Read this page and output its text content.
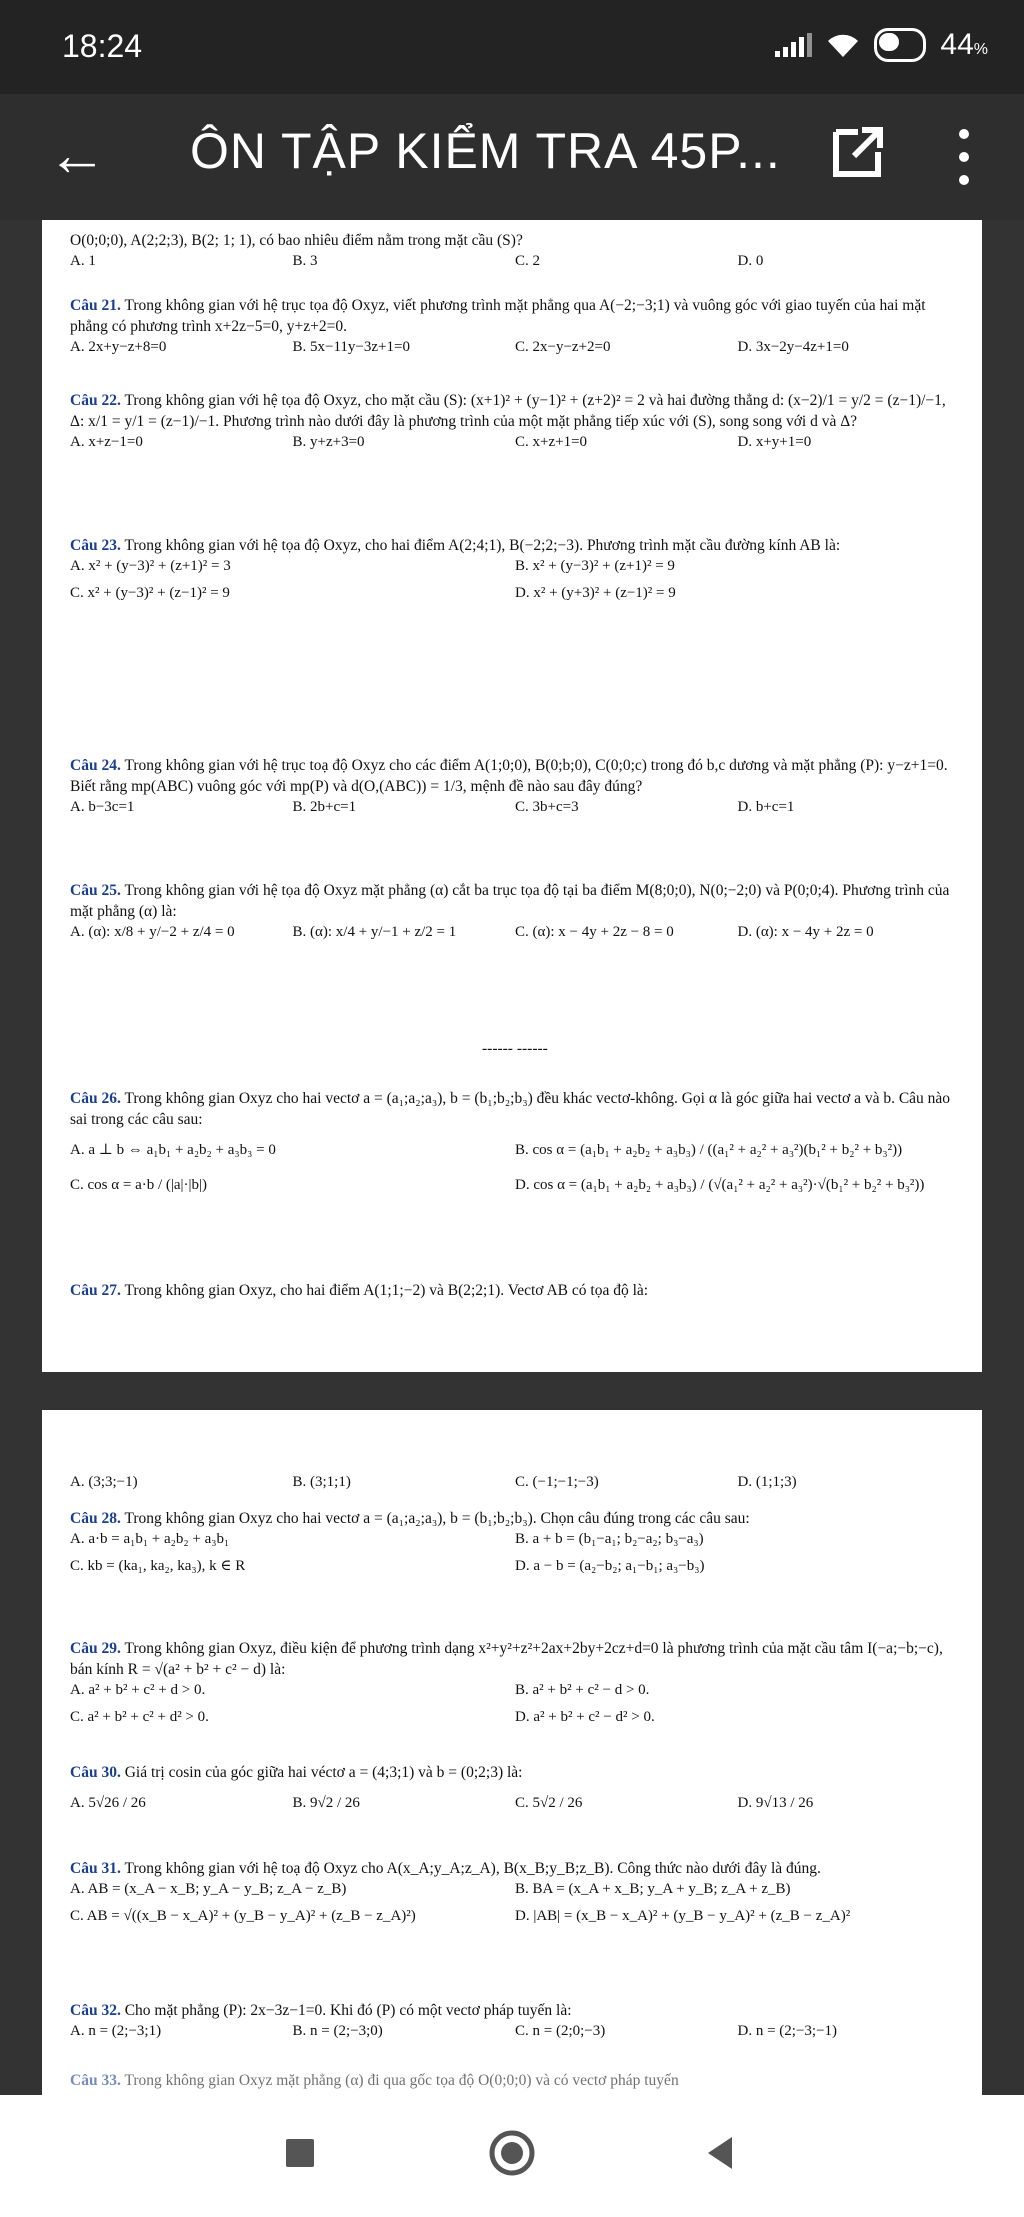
18:24	44%
← ÔN TẬP KIỂM TRA 45P...
O(0;0;0), A(2;2;3), B(2; 1; 1), có bao nhiêu điểm nằm trong mặt cầu (S)?
A. 1	B. 3	C. 2	D. 0
Câu 21. Trong không gian với hệ trục tọa độ Oxyz, viết phương trình mặt phẳng qua A(−2;−3;1) và vuông góc với giao tuyến của hai mặt phẳng có phương trình x+2z−5=0, y+z+2=0.
A. 2x+y−z+8=0	B. 5x−11y−3z+1=0	C. 2x−y−z+2=0	D. 3x−2y−4z+1=0
Câu 22. Trong không gian với hệ tọa độ Oxyz, cho mặt cầu (S): (x+1)² + (y−1)² + (z+2)² = 2 và hai đường thẳng d: (x−2)/1 = y/2 = (z−1)/−1, Δ: x/1 = y/1 = (z−1)/−1. Phương trình nào dưới đây là phương trình của một mặt phẳng tiếp xúc với (S), song song với d và Δ?
A. x+z−1=0	B. y+z+3=0	C. x+z+1=0	D. x+y+1=0
Câu 23. Trong không gian với hệ tọa độ Oxyz, cho hai điểm A(2;4;1), B(−2;2;−3). Phương trình mặt cầu đường kính AB là:
A. x² + (y−3)² + (z+1)² = 3	B. x² + (y−3)² + (z+1)² = 9
C. x² + (y−3)² + (z−1)² = 9	D. x² + (y+3)² + (z−1)² = 9
Câu 24. Trong không gian với hệ trục toạ độ Oxyz cho các điểm A(1;0;0), B(0;b;0), C(0;0;c) trong đó b,c dương và mặt phẳng (P): y−z+1=0. Biết rằng mp(ABC) vuông góc với mp(P) và d(O,(ABC)) = 1/3, mệnh đề nào sau đây đúng?
A. b−3c=1	B. 2b+c=1	C. 3b+c=3	D. b+c=1
Câu 25. Trong không gian với hệ tọa độ Oxyz mặt phẳng (α) cắt ba trục tọa độ tại ba điểm M(8;0;0), N(0;−2;0) và P(0;0;4). Phương trình của mặt phẳng (α) là:
A. (α): x/8 + y/−2 + z/4 = 0	B. (α): x/4 + y/−1 + z/2 = 1	C. (α): x − 4y + 2z − 8 = 0	D. (α): x − 4y + 2z = 0
------ ------
Câu 26. Trong không gian Oxyz cho hai vectơ a = (a₁;a₂;a₃), b = (b₁;b₂;b₃) đều khác vectơ-không. Gọi α là góc giữa hai vectơ a và b. Câu nào sai trong các câu sau:
A. a ⊥ b ⇔ a₁b₁ + a₂b₂ + a₃b₃ = 0	B. cos α = (a₁b₁ + a₂b₂ + a₃b₃) / ((a₁² + a₂² + a₃²)(b₁² + b₂² + b₃²))
C. cos α = a·b / (|a|·|b|)	D. cos α = (a₁b₁ + a₂b₂ + a₃b₃) / (√(a₁² + a₂² + a₃²)·√(b₁² + b₂² + b₃²))
Câu 27. Trong không gian Oxyz, cho hai điểm A(1;1;−2) và B(2;2;1). Vectơ AB có tọa độ là:
A. (3;3;−1)	B. (3;1;1)	C. (−1;−1;−3)	D. (1;1;3)
Câu 28. Trong không gian Oxyz cho hai vectơ a = (a₁;a₂;a₃), b = (b₁;b₂;b₃). Chọn câu đúng trong các câu sau:
A. a·b = a₁b₁ + a₂b₂ + a₃b₁	B. a + b = (b₁−a₁; b₂−a₂; b₃−a₃)
C. kb = (ka₁, ka₂, ka₃), k ∈ R	D. a − b = (a₂−b₂; a₁−b₁; a₃−b₃)
Câu 29. Trong không gian Oxyz, điều kiện để phương trình dạng x²+y²+z²+2ax+2by+2cz+d=0 là phương trình của mặt cầu tâm I(−a;−b;−c), bán kính R = √(a² + b² + c² − d) là:
A. a² + b² + c² + d > 0.	B. a² + b² + c² − d > 0.
C. a² + b² + c² + d² > 0.	D. a² + b² + c² − d² > 0.
Câu 30. Giá trị cosin của góc giữa hai véctơ a = (4;3;1) và b = (0;2;3) là:
A. 5√26 / 26	B. 9√2 / 26	C. 5√2 / 26	D. 9√13 / 26
Câu 31. Trong không gian với hệ toạ độ Oxyz cho A(x_A;y_A;z_A), B(x_B;y_B;z_B). Công thức nào dưới đây là đúng.
A. AB = (x_A − x_B; y_A − y_B; z_A − z_B)	B. BA = (x_A + x_B; y_A + y_B; z_A + z_B)
C. AB = √((x_B − x_A)² + (y_B − y_A)² + (z_B − z_A)²)	D. |AB| = (x_B − x_A)² + (y_B − y_A)² + (z_B − z_A)²
Câu 32. Cho mặt phẳng (P): 2x−3z−1=0. Khi đó (P) có một vectơ pháp tuyến là:
A. n = (2;−3;1)	B. n = (2;−3;0)	C. n = (2;0;−3)	D. n = (2;−3;−1)
Câu 33. Trong không gian Oxyz mặt phẳng (α) đi qua gốc tọa độ O(0;0;0) và có vectơ pháp tuyến
